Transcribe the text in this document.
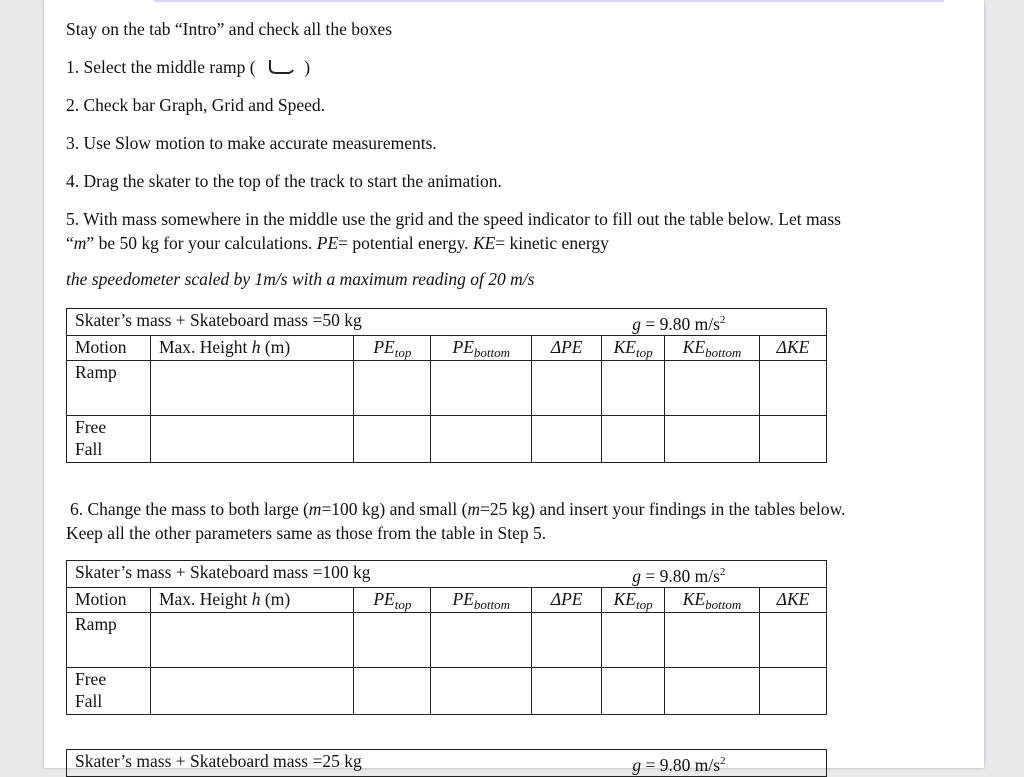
Stay on the tab “Intro” and check all the boxes
1. Select the middle ramp (	)
2. Check bar Graph, Grid and Speed.
3. Use Slow motion to make accurate measurements.
4. Drag the skater to the top of the track to start the animation.
5. With mass somewhere in the middle use the grid and the speed indicator to fill out the table below. Let mass
“m” be 50 kg for your calculations. PE= potential energy. KE= kinetic energy
the speedometer scaled by 1m/s with a maximum reading of 20 m/s
Skater’s mass + Skateboard mass =50 kg				g = 9.80 $m/s^2$
Motion	Max. Height h (m)	$PE_{top}$	$PE_{bottom}$	ΔPE	$KE_{top}$	$KE_{bottom}$	ΔKE
Ramp							
Free
Fall							
6. Change the mass to both large (m=100 kg) and small (m=25 kg) and insert your findings in the tables below.
Keep all the other parameters same as those from the table in Step 5.
Skater’s mass + Skateboard mass =100 kg				g = 9.80 $m/s^2$
Motion	Max. Height h (m)	$PE_{top}$	$PE_{bottom}$	ΔPE	$KE_{top}$	$KE_{bottom}$	ΔKE
Ramp							
Free
Fall							
Skater’s mass + Skateboard mass =25 kg	g = 9.80 $m/s^2$
